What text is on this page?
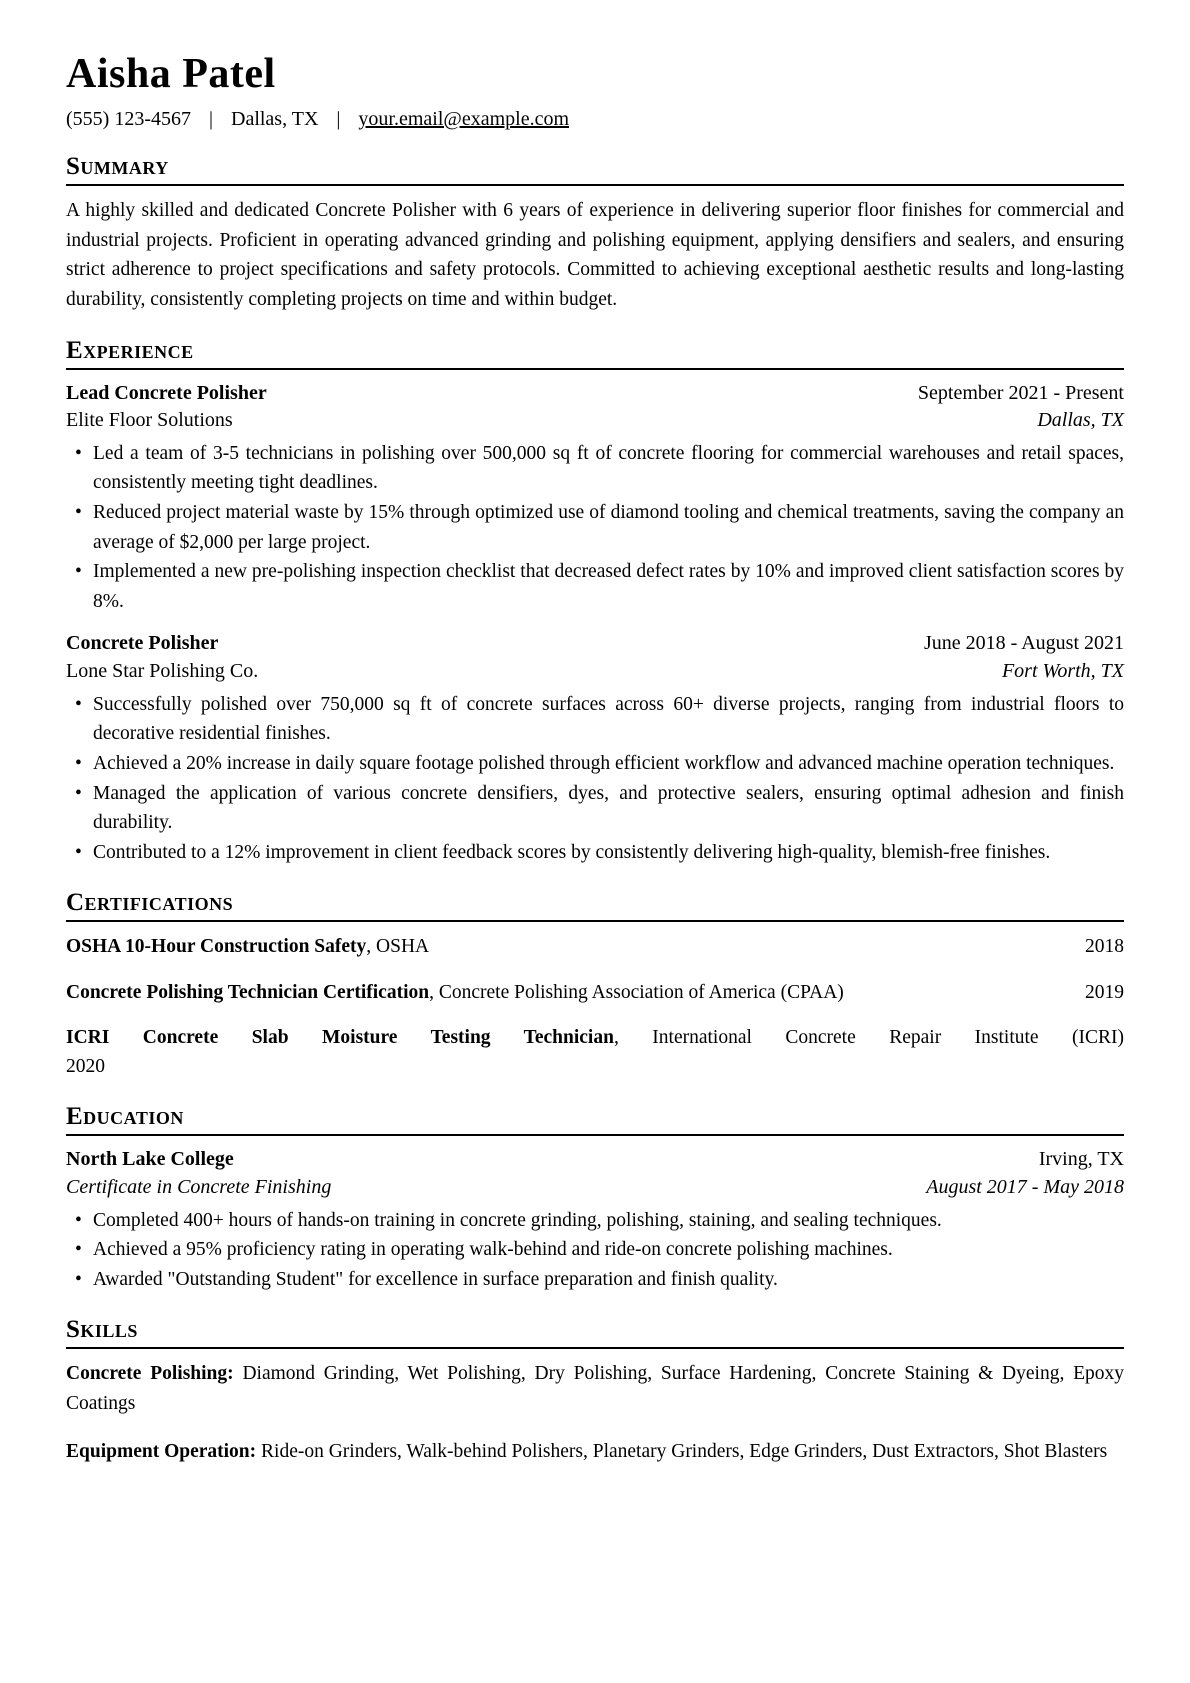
Aisha Patel

(555) 123-4567 | Dallas, TX | your.email@example.com

Summary

A highly skilled and dedicated Concrete Polisher with 6 years of experience in delivering superior floor finishes for commercial and industrial projects. Proficient in operating advanced grinding and polishing equipment, applying densifiers and sealers, and ensuring strict adherence to project specifications and safety protocols. Committed to achieving exceptional aesthetic results and long-lasting durability, consistently completing projects on time and within budget.

Experience
Lead Concrete Polisher	September 2021 - Present
Elite Floor Solutions	Dallas, TX
• Led a team of 3-5 technicians in polishing over 500,000 sq ft of concrete flooring for commercial warehouses and retail spaces, consistently meeting tight deadlines.
• Reduced project material waste by 15% through optimized use of diamond tooling and chemical treatments, saving the company an average of $2,000 per large project.
• Implemented a new pre-polishing inspection checklist that decreased defect rates by 10% and improved client satisfaction scores by 8%.
Concrete Polisher	June 2018 - August 2021
Lone Star Polishing Co.	Fort Worth, TX
• Successfully polished over 750,000 sq ft of concrete surfaces across 60+ diverse projects, ranging from industrial floors to decorative residential finishes.
• Achieved a 20% increase in daily square footage polished through efficient workflow and advanced machine operation techniques.
• Managed the application of various concrete densifiers, dyes, and protective sealers, ensuring optimal adhesion and finish durability.
• Contributed to a 12% improvement in client feedback scores by consistently delivering high-quality, blemish-free finishes.
Certifications

OSHA 10-Hour Construction Safety, OSHA	2018

Concrete Polishing Technician Certification, Concrete Polishing Association of America (CPAA)	2019

ICRI Concrete Slab Moisture Testing Technician, International Concrete Repair Institute (ICRI)
2020

Education
North Lake College	Irving, TX
Certificate in Concrete Finishing	August 2017 - May 2018
• Completed 400+ hours of hands-on training in concrete grinding, polishing, staining, and sealing techniques.
• Achieved a 95% proficiency rating in operating walk-behind and ride-on concrete polishing machines.
• Awarded "Outstanding Student" for excellence in surface preparation and finish quality.
Skills

Concrete Polishing: Diamond Grinding, Wet Polishing, Dry Polishing, Surface Hardening, Concrete Staining & Dyeing, Epoxy Coatings

Equipment Operation: Ride-on Grinders, Walk-behind Polishers, Planetary Grinders, Edge Grinders, Dust Extractors, Shot Blasters
